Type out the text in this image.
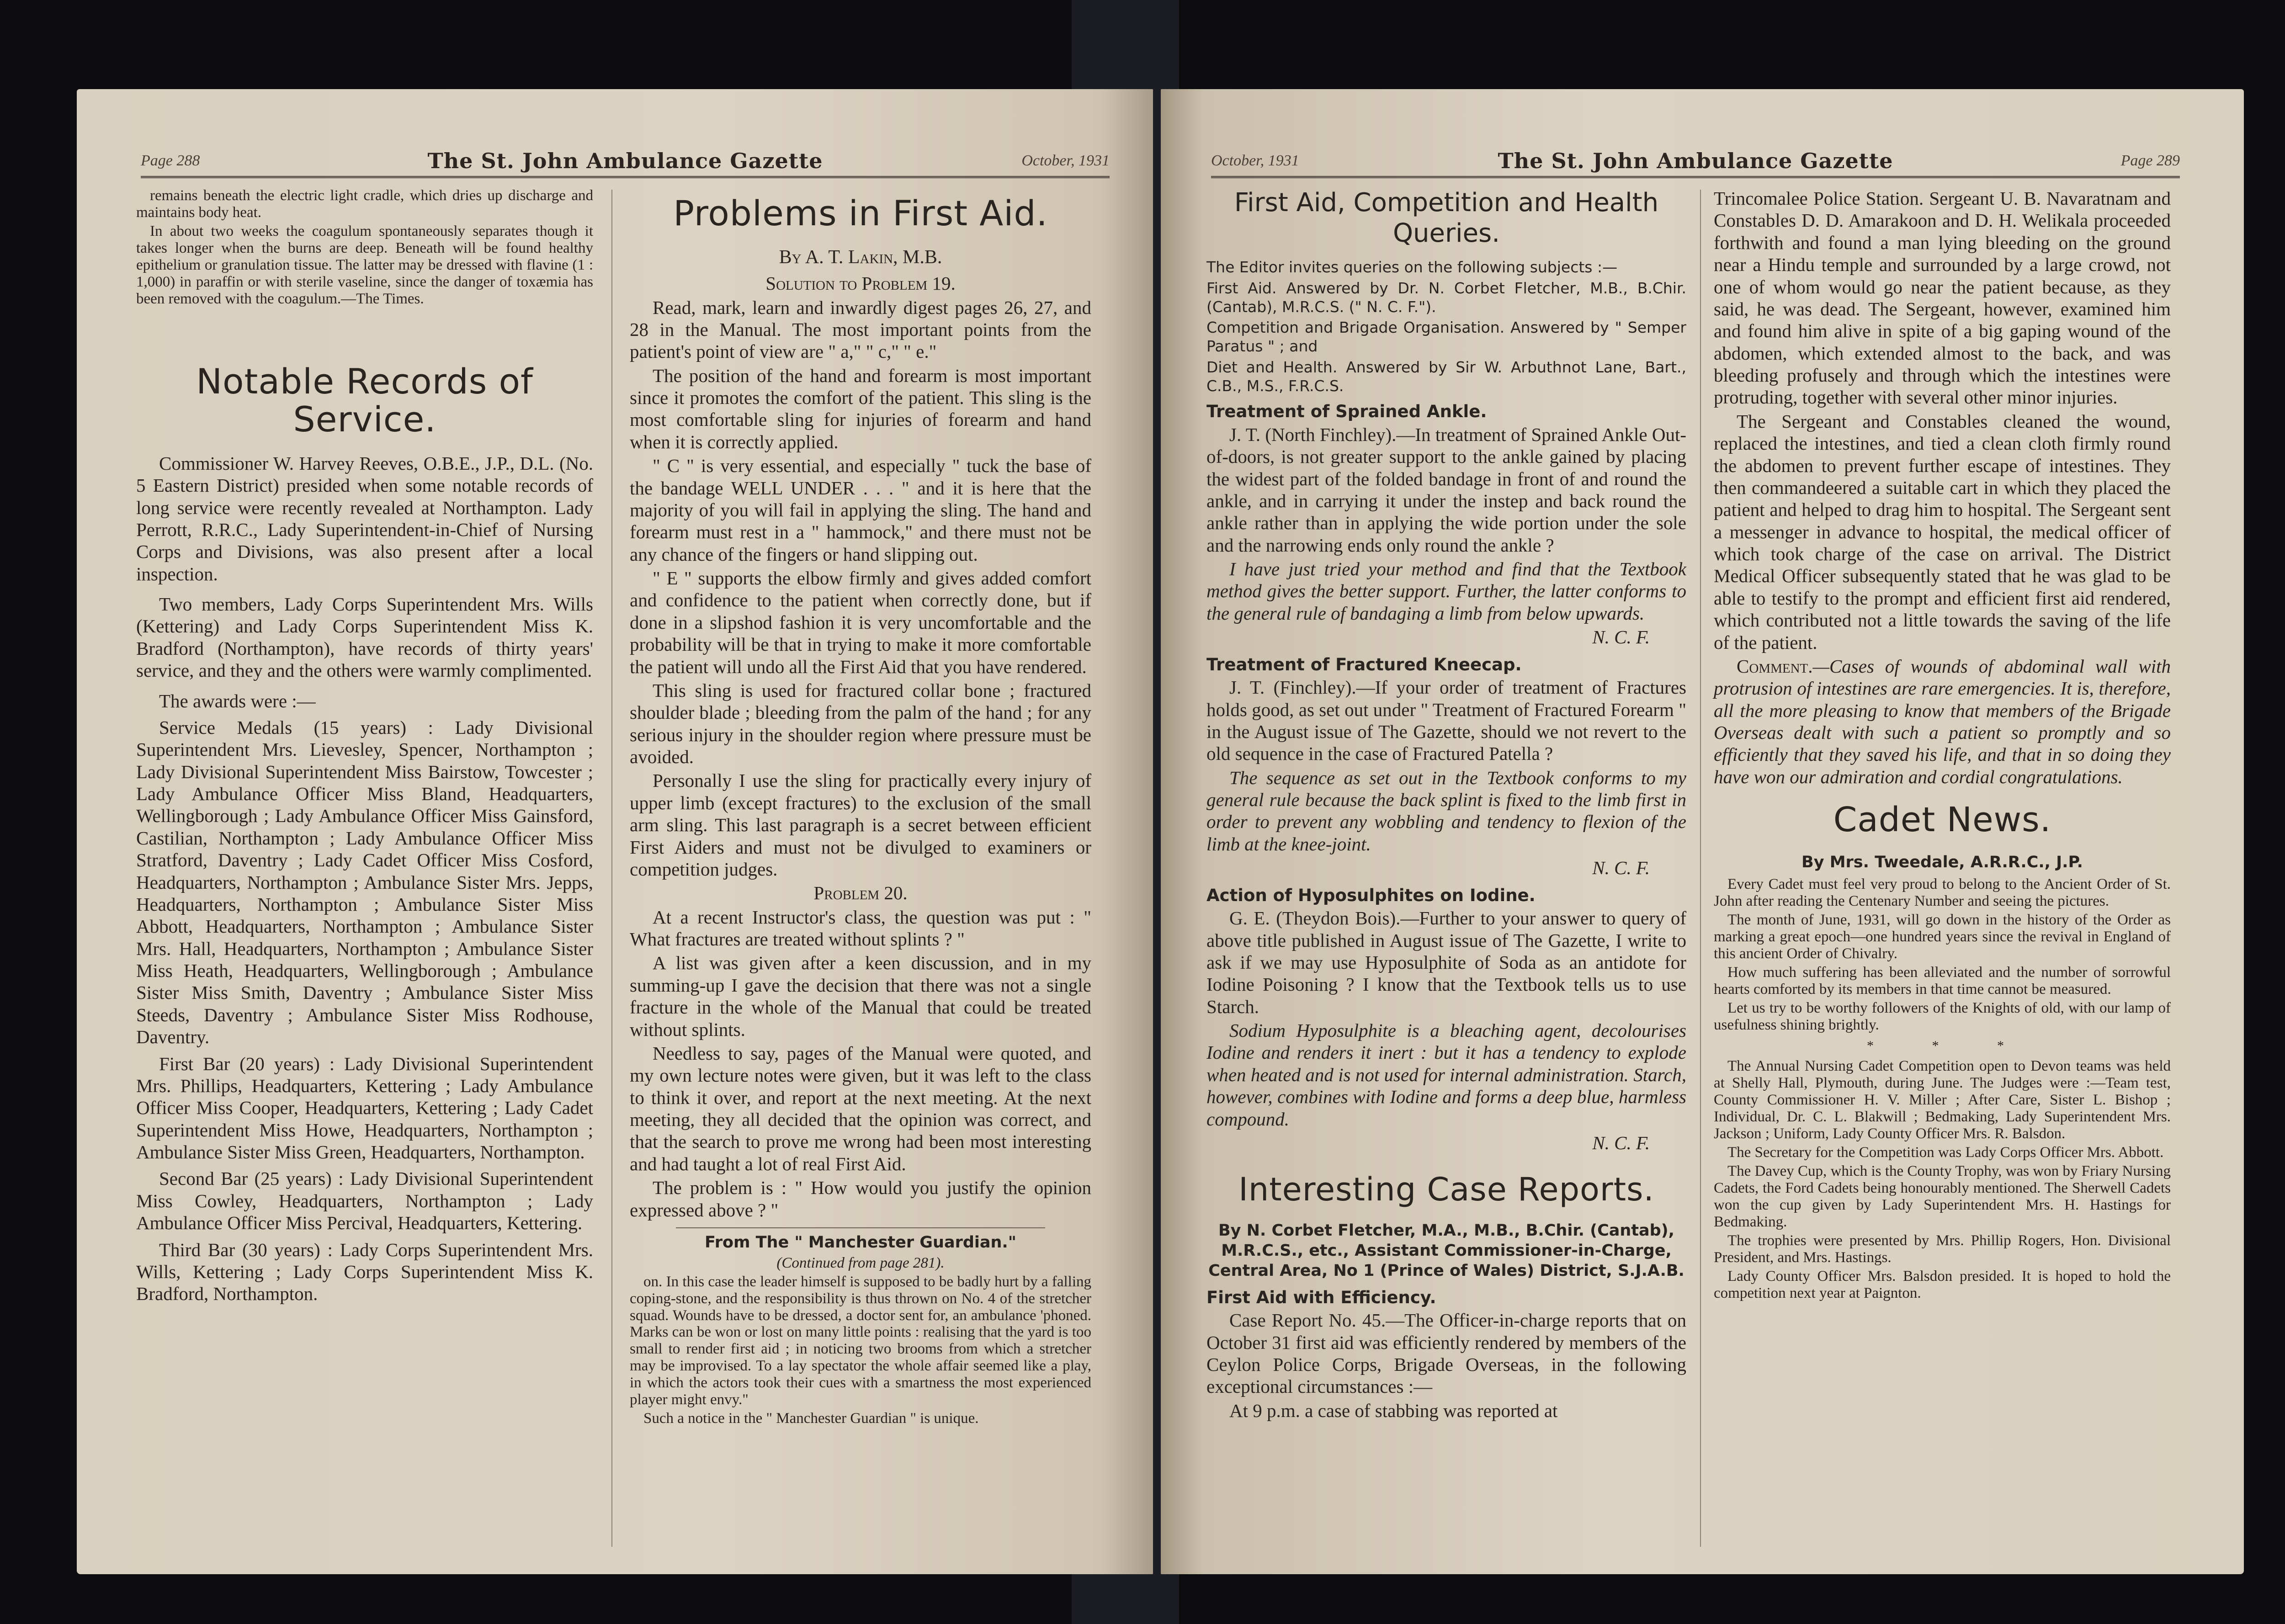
Page 288	The St. John Ambulance Gazette	October, 1931

remains beneath the electric light cradle, which dries up discharge and maintains body heat.

In about two weeks the coagulum spontaneously separates though it takes longer when the burns are deep. Beneath will be found healthy epithelium or granulation tissue. The latter may be dressed with flavine (1 : 1,000) in paraffin or with sterile vaseline, since the danger of toxæmia has been removed with the coagulum.—The Times.

Notable Records of Service.

Commissioner W. Harvey Reeves, O.B.E., J.P., D.L. (No. 5 Eastern District) presided when some notable records of long service were recently revealed at Northampton. Lady Perrott, R.R.C., Lady Superintendent-in-Chief of Nursing Corps and Divisions, was also present after a local inspection.

Two members, Lady Corps Superintendent Mrs. Wills (Kettering) and Lady Corps Superintendent Miss K. Bradford (Northampton), have records of thirty years' service, and they and the others were warmly complimented.

The awards were :—

Service Medals (15 years) : Lady Divisional Superintendent Mrs. Lievesley, Spencer, Northampton ; Lady Divisional Superintendent Miss Bairstow, Towcester ; Lady Ambulance Officer Miss Bland, Headquarters, Wellingborough ; Lady Ambulance Officer Miss Gainsford, Castilian, Northampton ; Lady Ambulance Officer Miss Stratford, Daventry ; Lady Cadet Officer Miss Cosford, Headquarters, Northampton ; Ambulance Sister Mrs. Jepps, Headquarters, Northampton ; Ambulance Sister Miss Abbott, Headquarters, Northampton ; Ambulance Sister Mrs. Hall, Headquarters, Northampton ; Ambulance Sister Miss Heath, Headquarters, Wellingborough ; Ambulance Sister Miss Smith, Daventry ; Ambulance Sister Miss Steeds, Daventry ; Ambulance Sister Miss Rodhouse, Daventry.

First Bar (20 years) : Lady Divisional Superintendent Mrs. Phillips, Headquarters, Kettering ; Lady Ambulance Officer Miss Cooper, Headquarters, Kettering ; Lady Cadet Superintendent Miss Howe, Headquarters, Northampton ; Ambulance Sister Miss Green, Headquarters, Northampton.

Second Bar (25 years) : Lady Divisional Superintendent Miss Cowley, Headquarters, Northampton ; Lady Ambulance Officer Miss Percival, Headquarters, Kettering.

Third Bar (30 years) : Lady Corps Superintendent Mrs. Wills, Kettering ; Lady Corps Superintendent Miss K. Bradford, Northampton.

Problems in First Aid.

By A. T. Lakin, M.B.

Solution to Problem 19.

Read, mark, learn and inwardly digest pages 26, 27, and 28 in the Manual. The most important points from the patient's point of view are " a," " c," " e."

The position of the hand and forearm is most important since it promotes the comfort of the patient. This sling is the most comfortable sling for injuries of forearm and hand when it is correctly applied.

" C " is very essential, and especially " tuck the base of the bandage WELL UNDER . . . " and it is here that the majority of you will fail in applying the sling. The hand and forearm must rest in a " hammock," and there must not be any chance of the fingers or hand slipping out.

" E " supports the elbow firmly and gives added comfort and confidence to the patient when correctly done, but if done in a slipshod fashion it is very uncomfortable and the probability will be that in trying to make it more comfortable the patient will undo all the First Aid that you have rendered.

This sling is used for fractured collar bone ; fractured shoulder blade ; bleeding from the palm of the hand ; for any serious injury in the shoulder region where pressure must be avoided.

Personally I use the sling for practically every injury of upper limb (except fractures) to the exclusion of the small arm sling. This last paragraph is a secret between efficient First Aiders and must not be divulged to examiners or competition judges.

Problem 20.

At a recent Instructor's class, the question was put : " What fractures are treated without splints ? "

A list was given after a keen discussion, and in my summing-up I gave the decision that there was not a single fracture in the whole of the Manual that could be treated without splints.

Needless to say, pages of the Manual were quoted, and my own lecture notes were given, but it was left to the class to think it over, and report at the next meeting. At the next meeting, they all decided that the opinion was correct, and that the search to prove me wrong had been most interesting and had taught a lot of real First Aid.

The problem is : " How would you justify the opinion expressed above ? "

From The " Manchester Guardian."

(Continued from page 281).

on. In this case the leader himself is supposed to be badly hurt by a falling coping-stone, and the responsibility is thus thrown on No. 4 of the stretcher squad. Wounds have to be dressed, a doctor sent for, an ambulance 'phoned. Marks can be won or lost on many little points : realising that the yard is too small to render first aid ; in noticing two brooms from which a stretcher may be improvised. To a lay spectator the whole affair seemed like a play, in which the actors took their cues with a smartness the most experienced player might envy."

Such a notice in the " Manchester Guardian " is unique.

October, 1931	The St. John Ambulance Gazette	Page 289
First Aid, Competition and Health Queries.

The Editor invites queries on the following subjects :—

First Aid. Answered by Dr. N. Corbet Fletcher, M.B., B.Chir. (Cantab), M.R.C.S. (" N. C. F.").

Competition and Brigade Organisation. Answered by " Semper Paratus " ; and

Diet and Health. Answered by Sir W. Arbuthnot Lane, Bart., C.B., M.S., F.R.C.S.

Treatment of Sprained Ankle.

J. T. (North Finchley).—In treatment of Sprained Ankle Out-of-doors, is not greater support to the ankle gained by placing the widest part of the folded bandage in front of and round the ankle, and in carrying it under the instep and back round the ankle rather than in applying the wide portion under the sole and the narrowing ends only round the ankle ?

I have just tried your method and find that the Textbook method gives the better support. Further, the latter conforms to the general rule of bandaging a limb from below upwards.

N. C. F.

Treatment of Fractured Kneecap.

J. T. (Finchley).—If your order of treatment of Fractures holds good, as set out under " Treatment of Fractured Forearm " in the August issue of The Gazette, should we not revert to the old sequence in the case of Fractured Patella ?

The sequence as set out in the Textbook conforms to my general rule because the back splint is fixed to the limb first in order to prevent any wobbling and tendency to flexion of the limb at the knee-joint.

N. C. F.

Action of Hyposulphites on Iodine.

G. E. (Theydon Bois).—Further to your answer to query of above title published in August issue of The Gazette, I write to ask if we may use Hyposulphite of Soda as an antidote for Iodine Poisoning ? I know that the Textbook tells us to use Starch.

Sodium Hyposulphite is a bleaching agent, decolourises Iodine and renders it inert : but it has a tendency to explode when heated and is not used for internal administration. Starch, however, combines with Iodine and forms a deep blue, harmless compound.

N. C. F.

Interesting Case Reports.

By N. Corbet Fletcher, M.A., M.B., B.Chir. (Cantab), M.R.C.S., etc., Assistant Commissioner-in-Charge, Central Area, No 1 (Prince of Wales) District, S.J.A.B.

First Aid with Efficiency.

Case Report No. 45.—The Officer-in-charge reports that on October 31 first aid was efficiently rendered by members of the Ceylon Police Corps, Brigade Overseas, in the following exceptional circumstances :—

At 9 p.m. a case of stabbing was reported at

Trincomalee Police Station. Sergeant U. B. Navaratnam and Constables D. D. Amarakoon and D. H. Welikala proceeded forthwith and found a man lying bleeding on the ground near a Hindu temple and surrounded by a large crowd, not one of whom would go near the patient because, as they said, he was dead. The Sergeant, however, examined him and found him alive in spite of a big gaping wound of the abdomen, which extended almost to the back, and was bleeding profusely and through which the intestines were protruding, together with several other minor injuries.

The Sergeant and Constables cleaned the wound, replaced the intestines, and tied a clean cloth firmly round the abdomen to prevent further escape of intestines. They then commandeered a suitable cart in which they placed the patient and helped to drag him to hospital. The Sergeant sent a messenger in advance to hospital, the medical officer of which took charge of the case on arrival. The District Medical Officer subsequently stated that he was glad to be able to testify to the prompt and efficient first aid rendered, which contributed not a little towards the saving of the life of the patient.

Comment.—Cases of wounds of abdominal wall with protrusion of intestines are rare emergencies. It is, therefore, all the more pleasing to know that members of the Brigade Overseas dealt with such a patient so promptly and so efficiently that they saved his life, and that in so doing they have won our admiration and cordial congratulations.

Cadet News.

By Mrs. Tweedale, A.R.R.C., J.P.

Every Cadet must feel very proud to belong to the Ancient Order of St. John after reading the Centenary Number and seeing the pictures.

The month of June, 1931, will go down in the history of the Order as marking a great epoch—one hundred years since the revival in England of this ancient Order of Chivalry.

How much suffering has been alleviated and the number of sorrowful hearts comforted by its members in that time cannot be measured.

Let us try to be worthy followers of the Knights of old, with our lamp of usefulness shining brightly.

* * *

The Annual Nursing Cadet Competition open to Devon teams was held at Shelly Hall, Plymouth, during June. The Judges were :—Team test, County Commissioner H. V. Miller ; After Care, Sister L. Bishop ; Individual, Dr. C. L. Blakwill ; Bedmaking, Lady Superintendent Mrs. Jackson ; Uniform, Lady County Officer Mrs. R. Balsdon.

The Secretary for the Competition was Lady Corps Officer Mrs. Abbott.

The Davey Cup, which is the County Trophy, was won by Friary Nursing Cadets, the Ford Cadets being honourably mentioned. The Sherwell Cadets won the cup given by Lady Superintendent Mrs. H. Hastings for Bedmaking.

The trophies were presented by Mrs. Phillip Rogers, Hon. Divisional President, and Mrs. Hastings.

Lady County Officer Mrs. Balsdon presided. It is hoped to hold the competition next year at Paignton.
